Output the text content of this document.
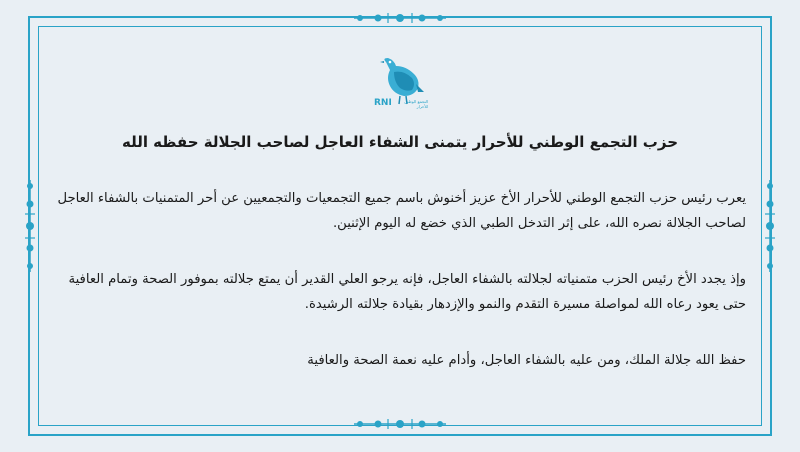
RNI	التجمع الوطني للأحرار
حزب التجمع الوطني للأحرار يتمنى الشفاء العاجل لصاحب الجلالة حفظه الله
يعرب رئيس حزب التجمع الوطني للأحرار الأخ عزيز أخنوش باسم جميع التجمعيات والتجمعيين عن أحر المتمنيات بالشفاء العاجل لصاحب الجلالة نصره الله، على إثر التدخل الطبي الذي خضع له اليوم الإثنين.
وإذ يجدد الأخ رئيس الحزب متمنياته لجلالته بالشفاء العاجل، فإنه يرجو العلي القدير أن يمتع جلالته بموفور الصحة وتمام العافية حتى يعود رعاه الله لمواصلة مسيرة التقدم والنمو والإزدهار بقيادة جلالته الرشيدة.
حفظ الله جلالة الملك، ومن عليه بالشفاء العاجل، وأدام عليه نعمة الصحة والعافية
